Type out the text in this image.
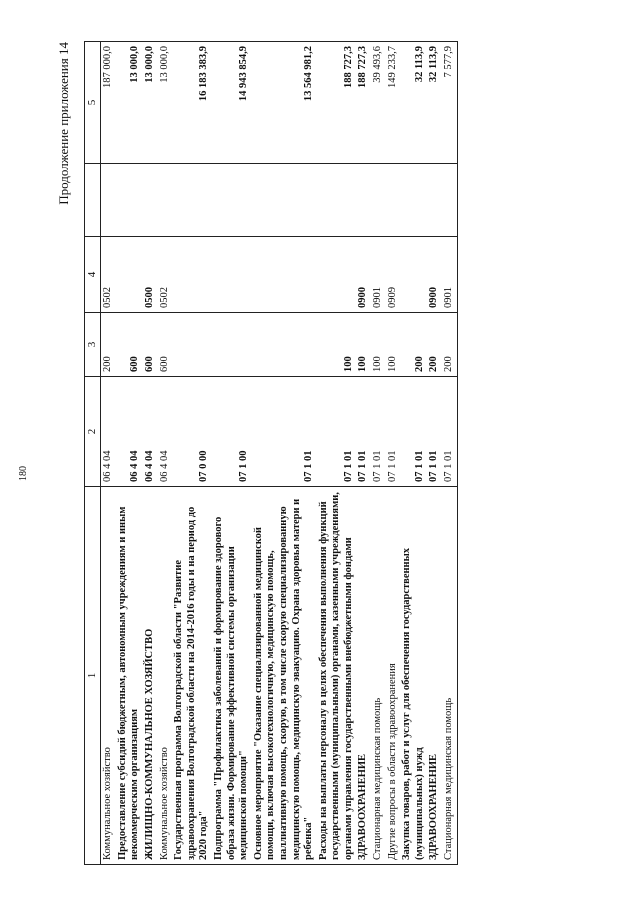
180
Продолжение приложения 14
1	2	3	4		5
Коммунальное хозяйство	06 4 04	200	0502		187 000,0
Предоставление субсидий бюджетным, автономным учреждениям и иным некоммерческим организациям	06 4 04	600			13 000,0
ЖИЛИЩНО-КОММУНАЛЬНОЕ ХОЗЯЙСТВО	06 4 04	600	0500		13 000,0
Коммунальное хозяйство	06 4 04	600	0502		13 000,0
Государственная программа Волгоградской области "Развитие здравоохранения Волгоградской области на 2014-2016 годы и на период до 2020 года"	07 0 00				16 183 383,9
Подпрограмма "Профилактика заболеваний и формирование здорового образа жизни. Формирование эффективной системы организации медицинской помощи"	07 1 00				14 943 854,9
Основное мероприятие "Оказание специализированной медицинской помощи, включая высокотехнологичную, медицинскую помощь, паллиативную помощь, скорую, в том числе скорую специализированную медицинскую помощь, медицинскую эвакуацию. Охрана здоровья матери и ребенка"	07 1 01				13 564 981,2
Расходы на выплаты персоналу в целях обеспечения выполнения функций государственными (муниципальными) органами, казенными учреждениями, органами управления государственными внебюджетными фондами	07 1 01	100			188 727,3
ЗДРАВООХРАНЕНИЕ	07 1 01	100	0900		188 727,3
Стационарная медицинская помощь	07 1 01	100	0901		39 493,6
Другие вопросы в области здравоохранения	07 1 01	100	0909		149 233,7
Закупка товаров, работ и услуг для обеспечения государственных (муниципальных) нужд	07 1 01	200			32 113,9
ЗДРАВООХРАНЕНИЕ	07 1 01	200	0900		32 113,9
Стационарная медицинская помощь	07 1 01	200	0901		7 577,9
